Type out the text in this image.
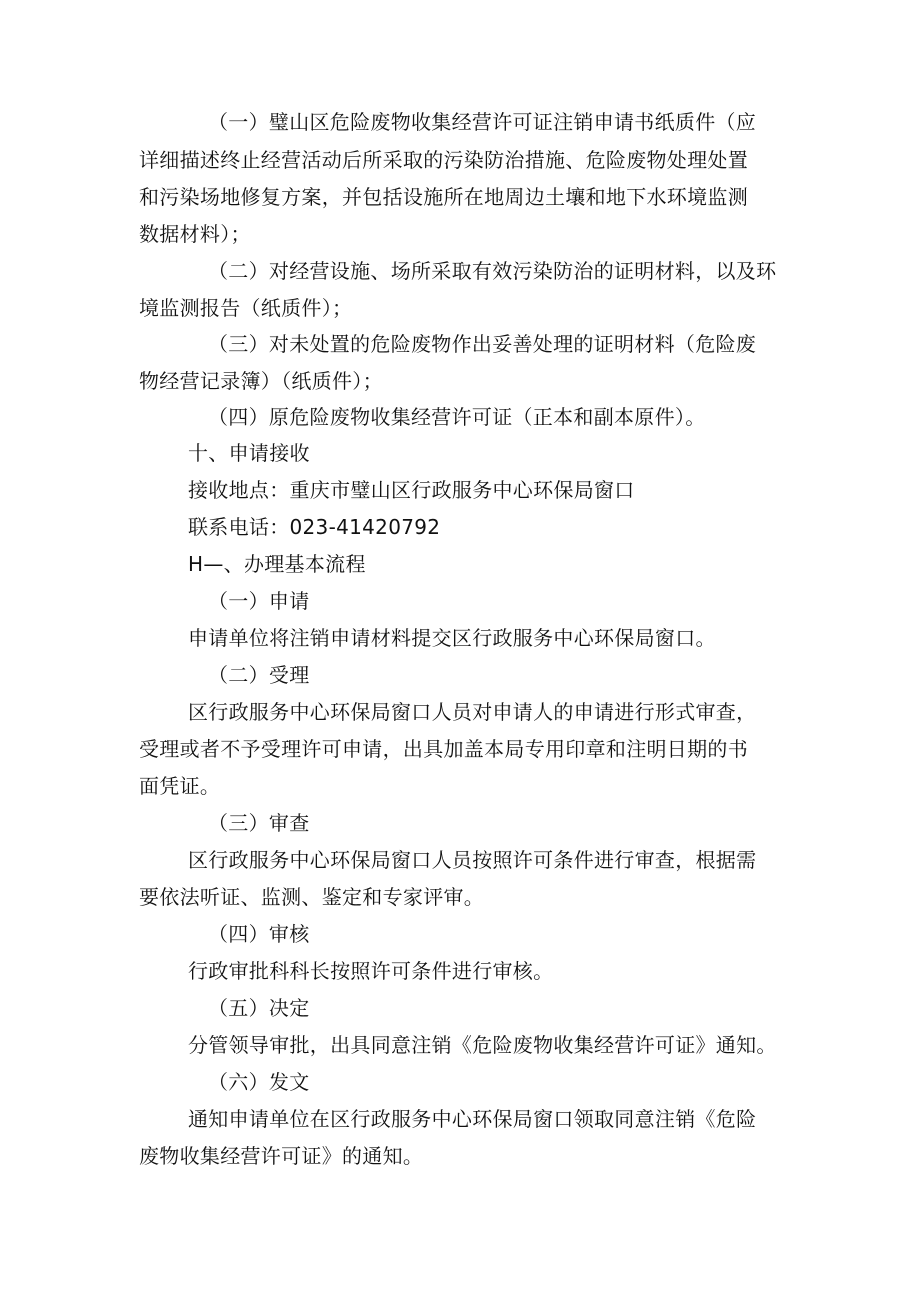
（一）璧山区危险废物收集经营许可证注销申请书纸质件（应
详细描述终止经营活动后所采取的污染防治措施、危险废物处理处置
和污染场地修复方案，并包括设施所在地周边土壤和地下水环境监测
数据材料）；
（二）对经营设施、场所采取有效污染防治的证明材料，以及环
境监测报告（纸质件）；
（三）对未处置的危险废物作出妥善处理的证明材料（危险废
物经营记录簿）（纸质件）；
（四）原危险废物收集经营许可证（正本和副本原件）。
十、申请接收
接收地点：重庆市璧山区行政服务中心环保局窗口
联系电话：023-41420792
H—、办理基本流程
（一）申请
申请单位将注销申请材料提交区行政服务中心环保局窗口。
（二）受理
区行政服务中心环保局窗口人员对申请人的申请进行形式审查，
受理或者不予受理许可申请，出具加盖本局专用印章和注明日期的书
面凭证。
（三）审查
区行政服务中心环保局窗口人员按照许可条件进行审查，根据需
要依法听证、监测、鉴定和专家评审。
（四）审核
行政审批科科长按照许可条件进行审核。
（五）决定
分管领导审批，出具同意注销《危险废物收集经营许可证》通知。
（六）发文
通知申请单位在区行政服务中心环保局窗口领取同意注销《危险
废物收集经营许可证》的通知。
